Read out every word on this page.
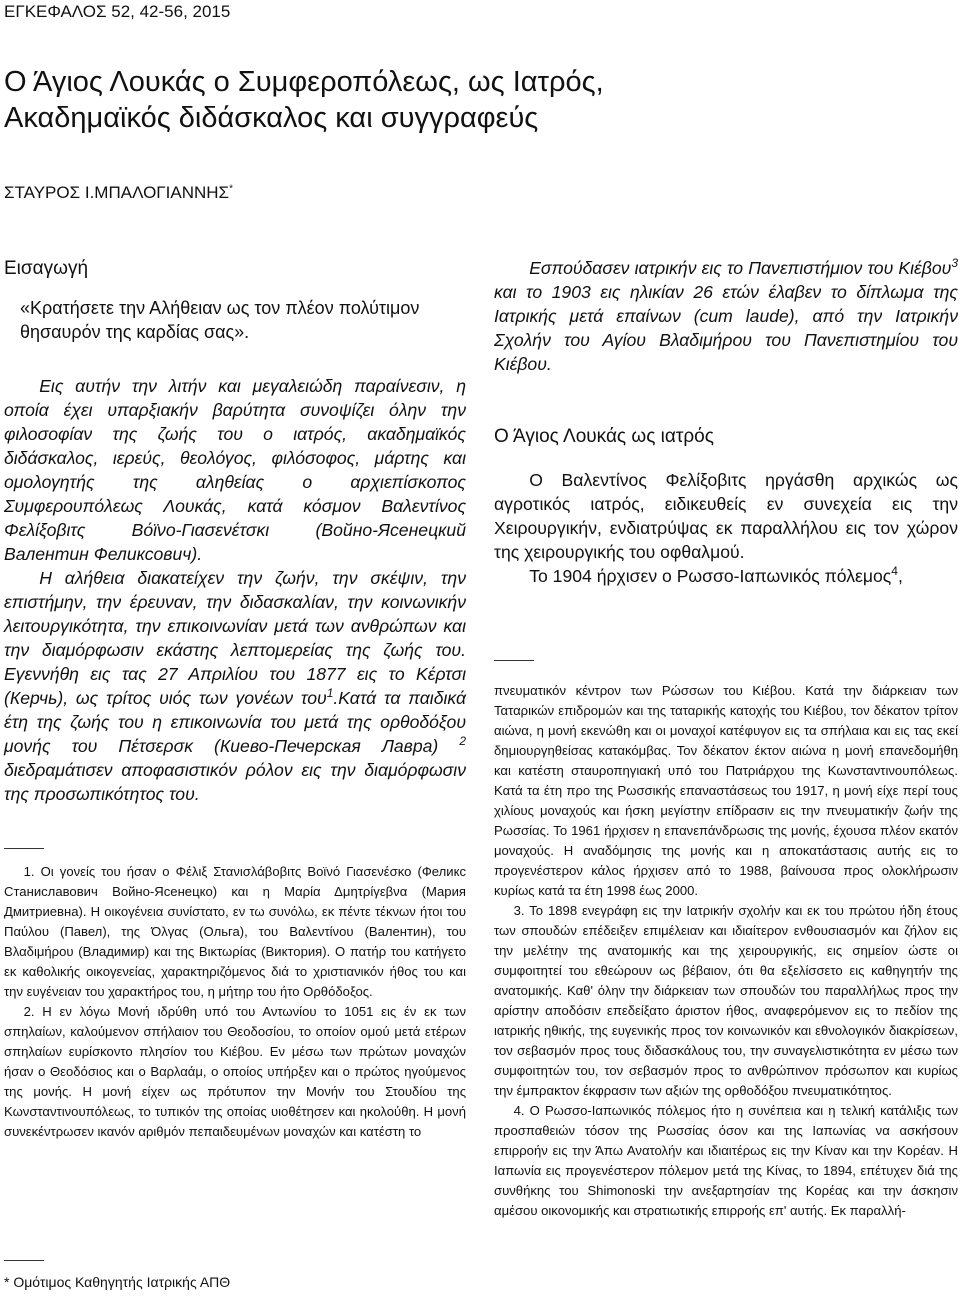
ΕΓΚΕΦΑΛΟΣ 52, 42-56, 2015
Ο Άγιος Λουκάς ο Συμφεροπόλεως, ως Ιατρός,
Ακαδημαϊκός διδάσκαλος και συγγραφεύς
ΣΤΑΥΡΟΣ Ι.ΜΠΑΛΟΓΙΑΝΝΗΣ*
Εισαγωγή
«Κρατήσετε την Αλήθειαν ως τον πλέον πολύτιμον
θησαυρόν της καρδίας σας».

Εις αυτήν την λιτήν και μεγαλειώδη παραίνεσιν, η οποία έχει υπαρξιακήν βαρύτητα συνοψίζει όλην την φιλοσοφίαν της ζωής του ο ιατρός, ακαδημαϊκός διδάσκαλος, ιερεύς, θεολόγος, φιλόσοφος, μάρτης και ομολογητής της αληθείας ο αρχιεπίσκοπος Συμφερουπόλεως Λουκάς, κατά κόσμον Βαλεντίνος Φελίξοβιτς Βόϊνο-Γιασενέτσκι (Войно-Ясенецкий Валентин Феликсович).

Η αλήθεια διακατείχεν την ζωήν, την σκέψιν, την επιστήμην, την έρευναν, την διδασκαλίαν, την κοινωνικήν λειτουργικότητα, την επικοινωνίαν μετά των ανθρώπων και την διαμόρφωσιν εκάστης λεπτομερείας της ζωής του. Εγεννήθη εις τας 27 Απριλίου του 1877 εις το Κέρτσι (Керчь), ως τρίτος υιός των γονέων του$^1$.Κατά τα παιδικά έτη της ζωής του η επικοινωνία του μετά της ορθοδόξου μονής του Πέτσερσκ (Киево-Печерская Лавра) $^2$ διεδραμάτισεν αποφασιστικόν ρόλον εις την διαμόρφωσιν της προσωπικότητος του.

1. Οι γονείς του ήσαν ο Φέλιξ Στανισλάβοβιτς Βοϊνό Γιασενέσκο (Феликс Станиславович Войно-Ясенецко) και η Μαρία Δμητρίγεβνα (Мария Дмитриевна). Η οικογένεια συνίστατο, εν τω συνόλω, εκ πέντε τέκνων ήτοι του Παύλου (Павел), της Όλγας (Ольга), του Βαλεντίνου (Валентин), του Βλαδιμήρου (Владимир) και της Βικτωρίας (Виктория). Ο πατήρ του κατήγετο εκ καθολικής οικογενείας, χαρακτηριζόμενος διά το χριστιανικόν ήθος του και την ευγένειαν του χαρακτήρος του, η μήτηρ του ήτο Ορθόδοξος.

2. Η εν λόγω Μονή ιδρύθη υπό του Αντωνίου το 1051 εις έν εκ των σπηλαίων, καλούμενον σπήλαιον του Θεοδοσίου, το οποίον ομού μετά ετέρων σπηλαίων ευρίσκοντο πλησίον του Κιέβου. Εν μέσω των πρώτων μοναχών ήσαν ο Θεοδόσιος και ο Βαρλαάμ, ο οποίος υπήρξεν και ο πρώτος ηγούμενος της μονής. Η μονή είχεν ως πρότυπον την Μονήν του Στουδίου της Κωνσταντινουπόλεως, το τυπικόν της οποίας υιοθέτησεν και ηκολούθη. Η μονή συνεκέντρωσεν ικανόν αριθμόν πεπαιδευμένων μοναχών και κατέστη το

* Ομότιμος Καθηγητής Ιατρικής ΑΠΘ

Εσπούδασεν ιατρικήν εις το Πανεπιστήμιον του Κιέβου$^3$ και το 1903 εις ηλικίαν 26 ετών έλαβεν το δίπλωμα της Ιατρικής μετά επαίνων (cum laude), από την Ιατρικήν Σχολήν του Αγίου Βλαδιμήρου του Πανεπιστημίου του Κιέβου.

Ο Άγιος Λουκάς ως ιατρός

Ο Βαλεντίνος Φελίξοβιτς ηργάσθη αρχικώς ως αγροτικός ιατρός, ειδικευθείς εν συνεχεία εις την Χειρουργικήν, ενδιατρύψας εκ παραλλήλου εις τον χώρον της χειρουργικής του οφθαλμού.

Το 1904 ήρχισεν ο Ρωσσο-Ιαπωνικός πόλεμος$^4$,

πνευματικόν κέντρον των Ρώσσων του Κιέβου. Κατά την διάρκειαν των Ταταρικών επιδρομών και της ταταρικής κατοχής του Κιέβου, τον δέκατον τρίτον αιώνα, η μονή εκενώθη και οι μοναχοί κατέφυγον εις τα σπήλαια και εις τας εκεί δημιουργηθείσας κατακόμβας. Τον δέκατον έκτον αιώνα η μονή επανεδομήθη και κατέστη σταυροπηγιακή υπό του Πατριάρχου της Κωνσταντινουπόλεως. Κατά τα έτη προ της Ρωσσικής επαναστάσεως του 1917, η μονή είχε περί τους χιλίους μοναχούς και ήσκη μεγίστην επίδρασιν εις την πνευματικήν ζωήν της Ρωσσίας. Το 1961 ήρχισεν η επανεπάνδρωσις της μονής, έχουσα πλέον εκατόν μοναχούς. Η αναδόμησις της μονής και η αποκατάστασις αυτής εις το προγενέστερον κάλος ήρχισεν από το 1988, βαίνουσα προς ολοκλήρωσιν κυρίως κατά τα έτη 1998 έως 2000.

3. Το 1898 ενεγράφη εις την Ιατρικήν σχολήν και εκ του πρώτου ήδη έτους των σπουδών επέδειξεν επιμέλειαν και ιδιαίτερον ενθουσιασμόν και ζήλον εις την μελέτην της ανατομικής και της χειρουργικής, εις σημείον ώστε οι συμφοιτητεί του εθεώρουν ως βέβαιον, ότι θα εξελίσσετο εις καθηγητήν της ανατομικής. Καθ' όλην την διάρκειαν των σπουδών του παραλλήλως προς την αρίστην αποδόσιν επεδείξατο άριστον ήθος, αναφερόμενον εις το πεδίον της ιατρικής ηθικής, της ευγενικής προς τον κοινωνικόν και εθνολογικόν διακρίσεων, τον σεβασμόν προς τους διδασκάλους του, την συναγελιστικότητα εν μέσω των συμφοιτητών του, τον σεβασμόν προς το ανθρώπινον πρόσωπον και κυρίως την έμπρακτον έκφρασιν των αξιών της ορθοδόξου πνευματικότητος.

4. Ο Ρωσσο-Ιαπωνικός πόλεμος ήτο η συνέπεια και η τελική κατάλιξις των προσπαθειών τόσον της Ρωσσίας όσον και της Ιαπωνίας να ασκήσουν επιρροήν εις την Άπω Ανατολήν και ιδιαιτέρως εις την Κίναν και την Κορέαν. Η Ιαπωνία εις προγενέστερον πόλεμον μετά της Κίνας, το 1894, επέτυχεν διά της συνθήκης του Shimonoski την ανεξαρτησίαν της Κορέας και την άσκησιν αμέσου οικονομικής και στρατιωτικής επιρροής επ' αυτής. Εκ παραλλή-
